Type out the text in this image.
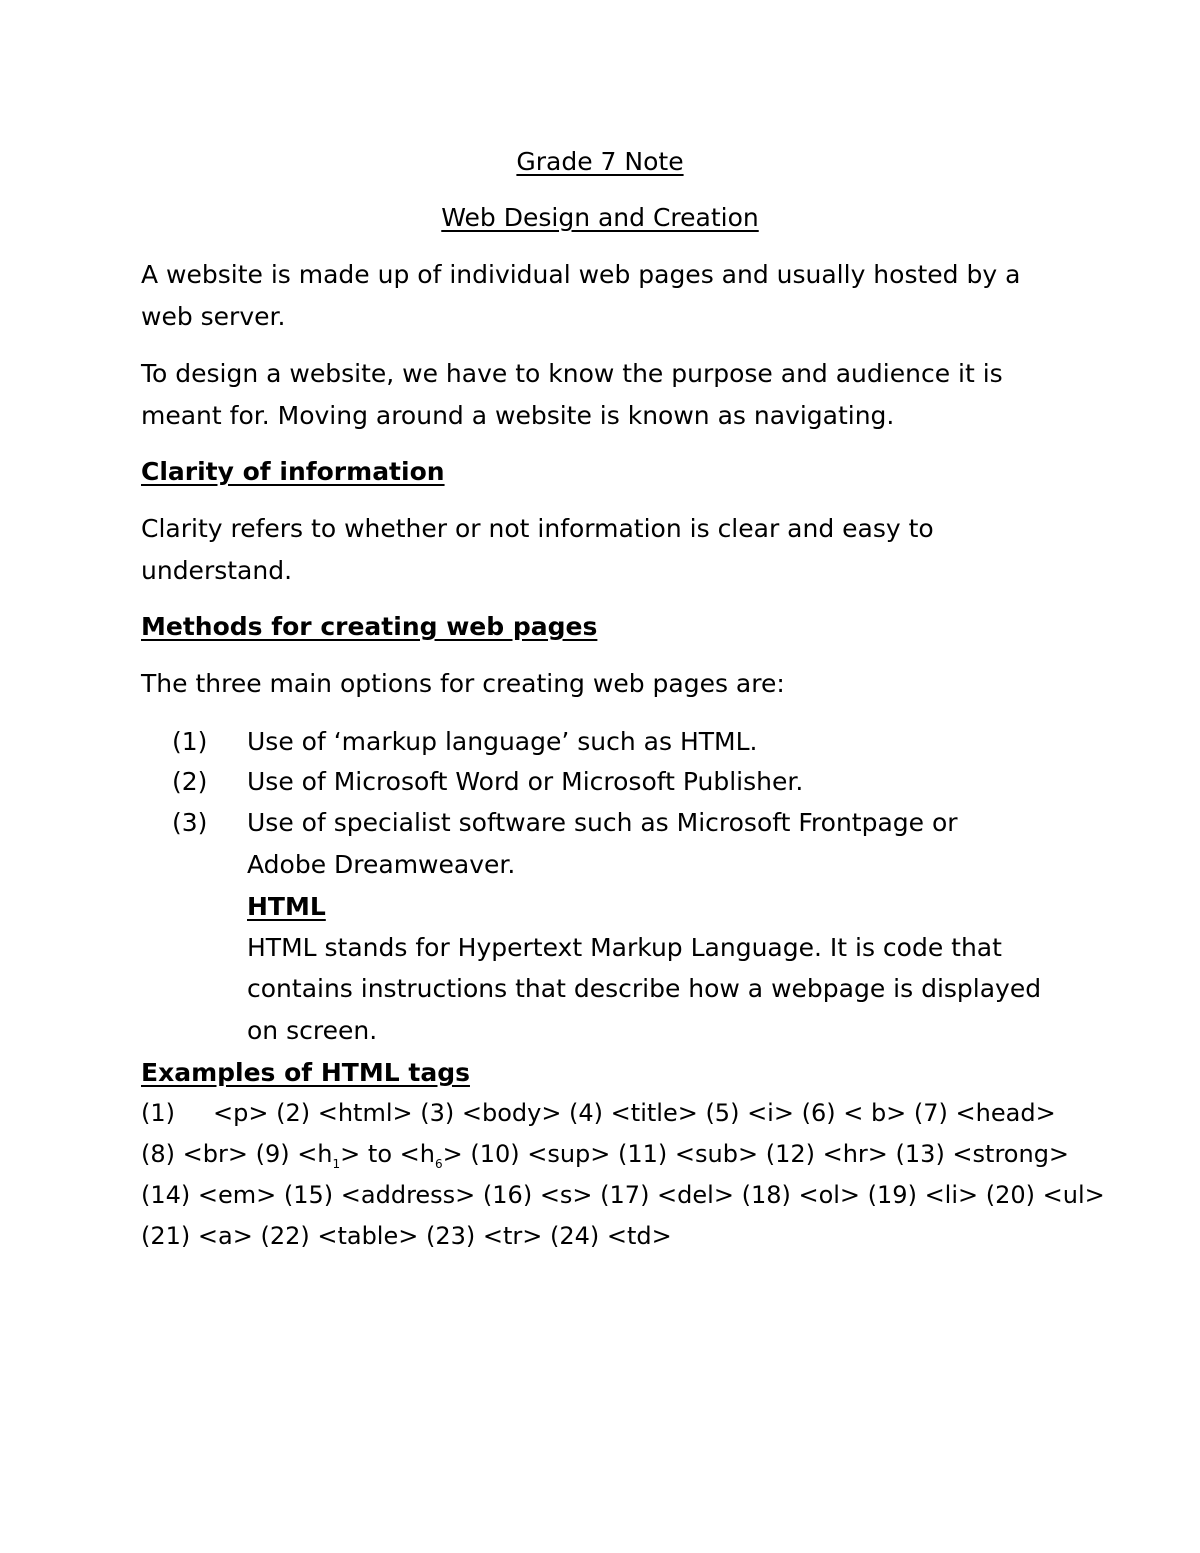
Grade 7 Note
Web Design and Creation
A website is made up of individual web pages and usually hosted by a
web server.
To design a website, we have to know the purpose and audience it is
meant for. Moving around a website is known as navigating.
Clarity of information
Clarity refers to whether or not information is clear and easy to
understand.
Methods for creating web pages
The three main options for creating web pages are:
(1) Use of ‘markup language’ such as HTML.
(2) Use of Microsoft Word or Microsoft Publisher.
(3) Use of specialist software such as Microsoft Frontpage or
Adobe Dreamweaver.
HTML
HTML stands for Hypertext Markup Language. It is code that
contains instructions that describe how a webpage is displayed
on screen.
Examples of HTML tags
(1) <p> (2) <html> (3) <body> (4) <title> (5) <i> (6) < b> (7) <head>
$(8) <br> (9) <h_1>$ to $<h_6> (10) <sup> (11) <sub> (12) <hr> (13)$ <strong>
(14) <em> (15) <address> (16) <s> (17) <del> (18) <ol> (19) <li> (20) <ul>
(21) <a> (22) <table> (23) <tr> (24) <td>
